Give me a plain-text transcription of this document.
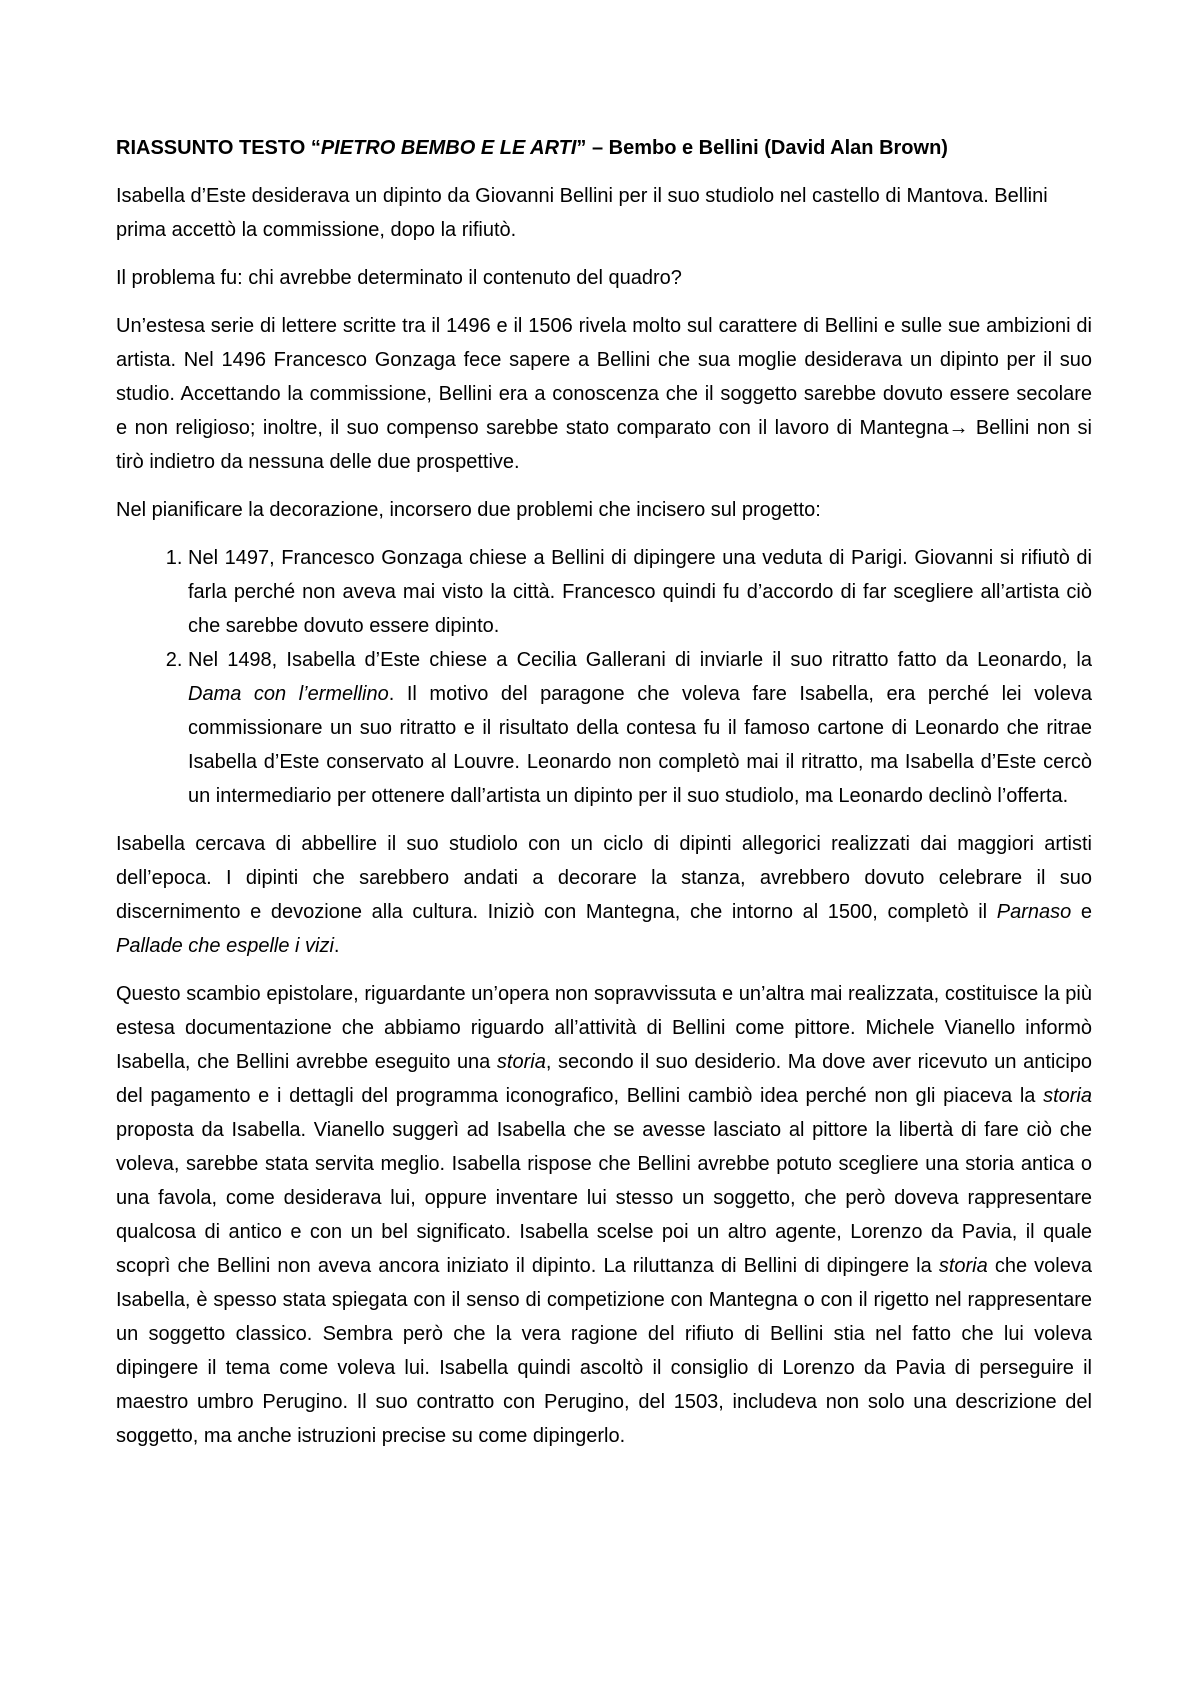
RIASSUNTO TESTO “PIETRO BEMBO E LE ARTI” – Bembo e Bellini (David Alan Brown)

Isabella d’Este desiderava un dipinto da Giovanni Bellini per il suo studiolo nel castello di Mantova. Bellini prima accettò la commissione, dopo la rifiutò.

Il problema fu: chi avrebbe determinato il contenuto del quadro?

Un’estesa serie di lettere scritte tra il 1496 e il 1506 rivela molto sul carattere di Bellini e sulle sue ambizioni di artista. Nel 1496 Francesco Gonzaga fece sapere a Bellini che sua moglie desiderava un dipinto per il suo studio. Accettando la commissione, Bellini era a conoscenza che il soggetto sarebbe dovuto essere secolare e non religioso; inoltre, il suo compenso sarebbe stato comparato con il lavoro di Mantegna→ Bellini non si tirò indietro da nessuna delle due prospettive.

Nel pianificare la decorazione, incorsero due problemi che incisero sul progetto:

1. Nel 1497, Francesco Gonzaga chiese a Bellini di dipingere una veduta di Parigi. Giovanni si rifiutò di farla perché non aveva mai visto la città. Francesco quindi fu d’accordo di far scegliere all’artista ciò che sarebbe dovuto essere dipinto.
2. Nel 1498, Isabella d’Este chiese a Cecilia Gallerani di inviarle il suo ritratto fatto da Leonardo, la Dama con l’ermellino. Il motivo del paragone che voleva fare Isabella, era perché lei voleva commissionare un suo ritratto e il risultato della contesa fu il famoso cartone di Leonardo che ritrae Isabella d’Este conservato al Louvre. Leonardo non completò mai il ritratto, ma Isabella d’Este cercò un intermediario per ottenere dall’artista un dipinto per il suo studiolo, ma Leonardo declinò l’offerta.

Isabella cercava di abbellire il suo studiolo con un ciclo di dipinti allegorici realizzati dai maggiori artisti dell’epoca. I dipinti che sarebbero andati a decorare la stanza, avrebbero dovuto celebrare il suo discernimento e devozione alla cultura. Iniziò con Mantegna, che intorno al 1500, completò il Parnaso e Pallade che espelle i vizi.

Questo scambio epistolare, riguardante un’opera non sopravvissuta e un’altra mai realizzata, costituisce la più estesa documentazione che abbiamo riguardo all’attività di Bellini come pittore. Michele Vianello informò Isabella, che Bellini avrebbe eseguito una storia, secondo il suo desiderio. Ma dove aver ricevuto un anticipo del pagamento e i dettagli del programma iconografico, Bellini cambiò idea perché non gli piaceva la storia proposta da Isabella. Vianello suggerì ad Isabella che se avesse lasciato al pittore la libertà di fare ciò che voleva, sarebbe stata servita meglio. Isabella rispose che Bellini avrebbe potuto scegliere una storia antica o una favola, come desiderava lui, oppure inventare lui stesso un soggetto, che però doveva rappresentare qualcosa di antico e con un bel significato. Isabella scelse poi un altro agente, Lorenzo da Pavia, il quale scoprì che Bellini non aveva ancora iniziato il dipinto. La riluttanza di Bellini di dipingere la storia che voleva Isabella, è spesso stata spiegata con il senso di competizione con Mantegna o con il rigetto nel rappresentare un soggetto classico. Sembra però che la vera ragione del rifiuto di Bellini stia nel fatto che lui voleva dipingere il tema come voleva lui. Isabella quindi ascoltò il consiglio di Lorenzo da Pavia di perseguire il maestro umbro Perugino. Il suo contratto con Perugino, del 1503, includeva non solo una descrizione del soggetto, ma anche istruzioni precise su come dipingerlo.
